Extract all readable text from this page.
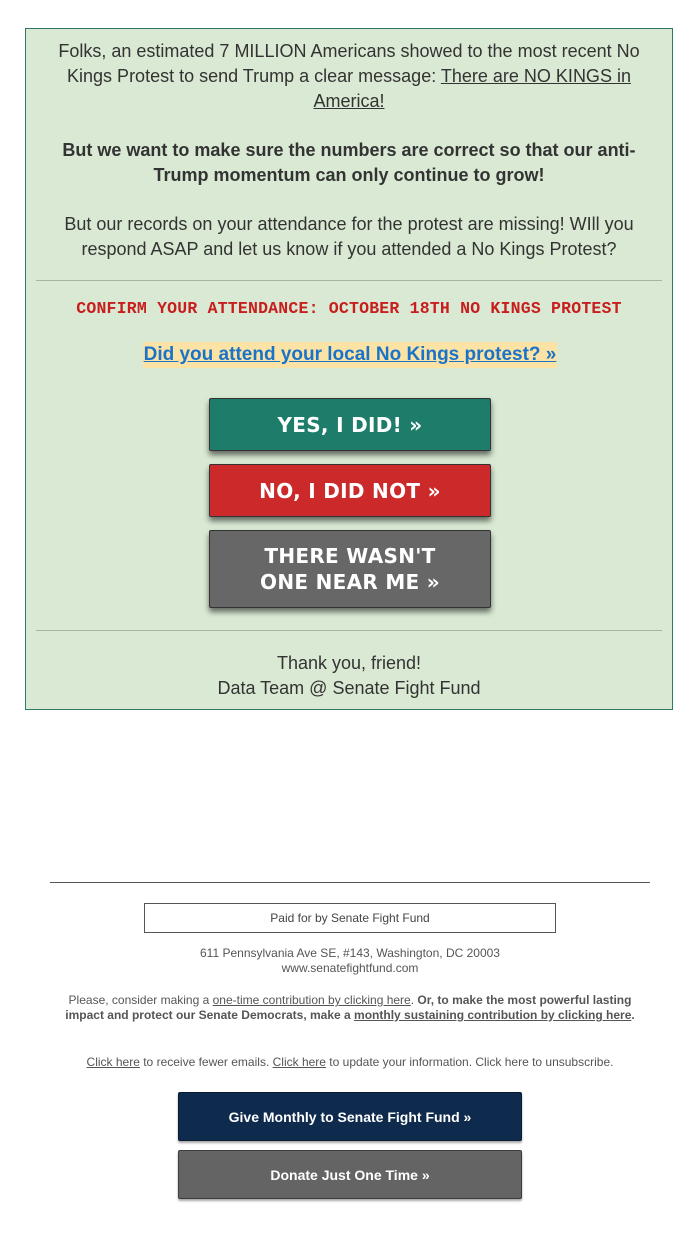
Folks, an estimated 7 MILLION Americans showed to the most recent No Kings Protest to send Trump a clear message: There are NO KINGS in America!

But we want to make sure the numbers are correct so that our anti-Trump momentum can only continue to grow!

But our records on your attendance for the protest are missing! WIll you respond ASAP and let us know if you attended a No Kings Protest?

CONFIRM YOUR ATTENDANCE: OCTOBER 18TH NO KINGS PROTEST
Did you attend your local No Kings protest? »
YES, I DID! »
NO, I DID NOT »
THERE WASN'T ONE NEAR ME »
Thank you, friend!
Data Team @ Senate Fight Fund
Paid for by Senate Fight Fund
611 Pennsylvania Ave SE, #143, Washington, DC 20003
www.senatefightfund.com

Please, consider making a one-time contribution by clicking here. Or, to make the most powerful lasting impact and protect our Senate Democrats, make a monthly sustaining contribution by clicking here.

Click here to receive fewer emails. Click here to update your information. Click here to unsubscribe.

Give Monthly to Senate Fight Fund »
Donate Just One Time »
